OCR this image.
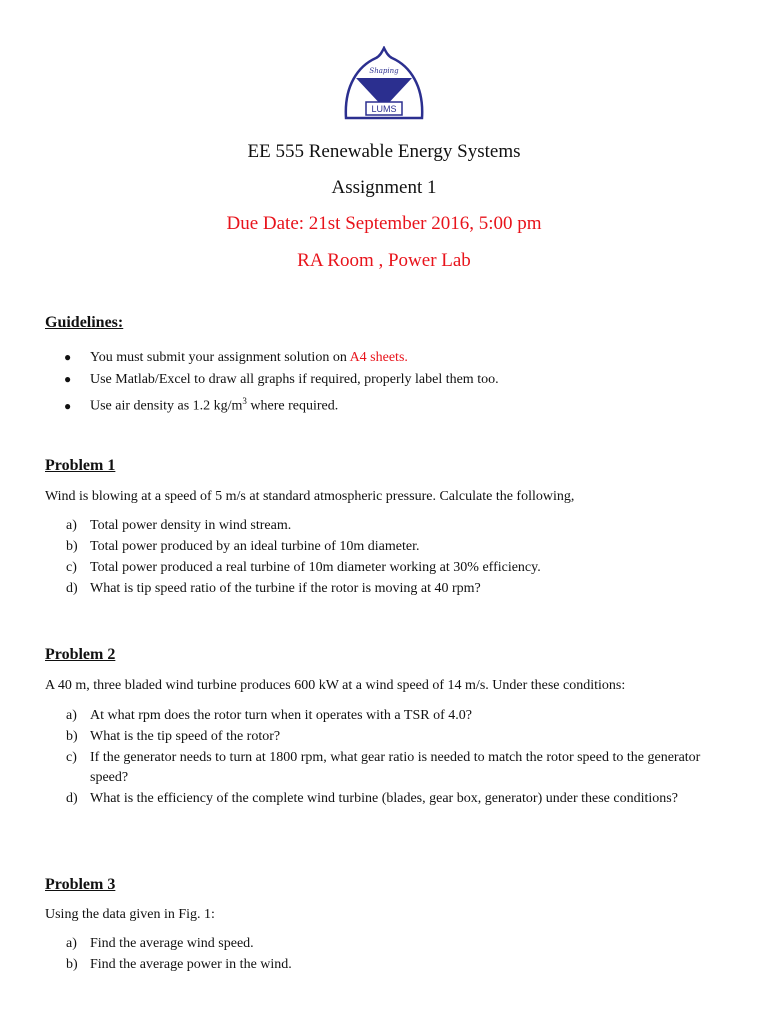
LUMS
Shaping
EE 555 Renewable Energy Systems
Assignment 1
Due Date: 21st September 2016, 5:00 pm
RA Room , Power Lab
Guidelines:
● You must submit your assignment solution on A4 sheets.
● Use Matlab/Excel to draw all graphs if required, properly label them too.
● Use air density as 1.2 $kg/m^3$ where required.
Problem 1
Wind is blowing at a speed of 5 m/s at standard atmospheric pressure. Calculate the following,
a) Total power density in wind stream.
b) Total power produced by an ideal turbine of 10m diameter.
c) Total power produced a real turbine of 10m diameter working at 30% efficiency.
d) What is tip speed ratio of the turbine if the rotor is moving at 40 rpm?
Problem 2
A 40 m, three bladed wind turbine produces 600 kW at a wind speed of 14 m/s. Under these conditions:
a) At what rpm does the rotor turn when it operates with a TSR of 4.0?
b) What is the tip speed of the rotor?
c) If the generator needs to turn at 1800 rpm, what gear ratio is needed to match the rotor speed to the generator speed?
d) What is the efficiency of the complete wind turbine (blades, gear box, generator) under these conditions?
Problem 3
Using the data given in Fig. 1:
a) Find the average wind speed.
b) Find the average power in the wind.
